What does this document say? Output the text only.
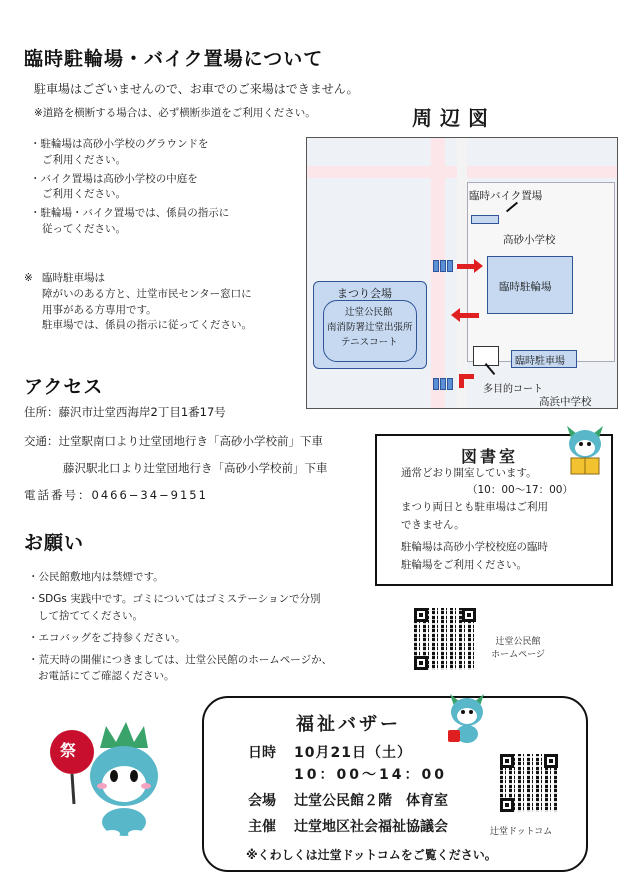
臨時駐輪場・バイク置場について
駐車場はございませんので、お車でのご来場はできません。
※道路を横断する場合は、必ず横断歩道をご利用ください。
・ 駐輪場は高砂小学校のグラウンドを
ご利用ください。
・ バイク置場は高砂小学校の中庭を
ご利用ください。
・ 駐輪場・バイク置場では、係員の指示に
従ってください。
※ 臨時駐車場は
障がいのある方と、辻堂市民センター窓口に
用事がある方専用です。
駐車場では、係員の指示に従ってください。
周辺図
臨時バイク置場
高砂小学校
臨時駐輪場
まつり会場
辻堂公民館
南消防署辻堂出張所
テニスコート
臨時駐車場
多目的コート
高浜中学校
アクセス
住所：藤沢市辻堂西海岸2丁目1番17号
交通：辻堂駅南口より辻堂団地行き「高砂小学校前」下車
藤沢駅北口より辻堂団地行き「高砂小学校前」下車
電話番号：0466−34−9151
図書室
通常どおり開室しています。
（10：00〜17：00）
まつり両日とも駐車場はご利用
できません。
駐輪場は高砂小学校校庭の臨時
駐輪場をご利用ください。
お願い
・ 公民館敷地内は禁煙です。
・ SDGs 実践中です。ゴミについてはゴミステーションで分別
して捨ててください。
・ エコバッグをご持参ください。
・ 荒天時の開催につきましては、辻堂公民館のホームページか、
お電話にてご確認ください。
辻堂公民館
ホームページ
祭
福祉バザー
日時	10月21日（土）
10：00〜14：00
会場	辻堂公民館２階　体育室
主催	辻堂地区社会福祉協議会
※くわしくは辻堂ドットコムをご覧ください。
辻堂ドットコム
